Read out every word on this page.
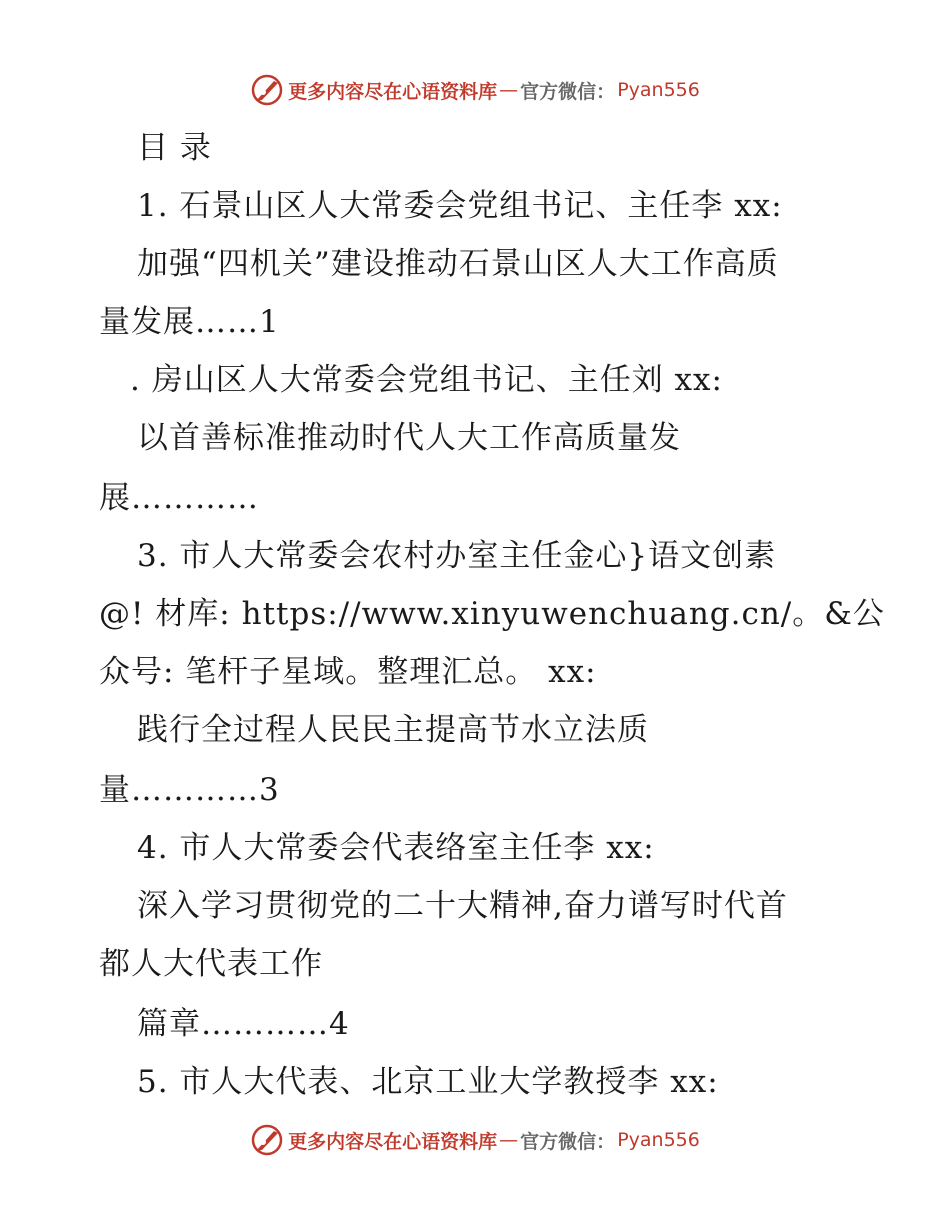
更多内容尽在心语资料库 — 官方微信： Pyan556
目 录
1. 石景山区人大常委会党组书记、主任李 xx:
加强“四机关”建设推动石景山区人大工作高质
量发展……1
. 房山区人大常委会党组书记、主任刘 xx:
以首善标准推动时代人大工作高质量发
展…………
3. 市人大常委会农村办室主任金心}语文创素
@! 材库: https://www.xinyuwenchuang.cn/。&公
众号: 笔杆子星域。整理汇总。 xx:
践行全过程人民民主提高节水立法质
量…………3
4. 市人大常委会代表络室主任李 xx:
深入学习贯彻党的二十大精神,奋力谱写时代首
都人大代表工作
篇章…………4
5. 市人大代表、北京工业大学教授李 xx:
更多内容尽在心语资料库 — 官方微信： Pyan556
